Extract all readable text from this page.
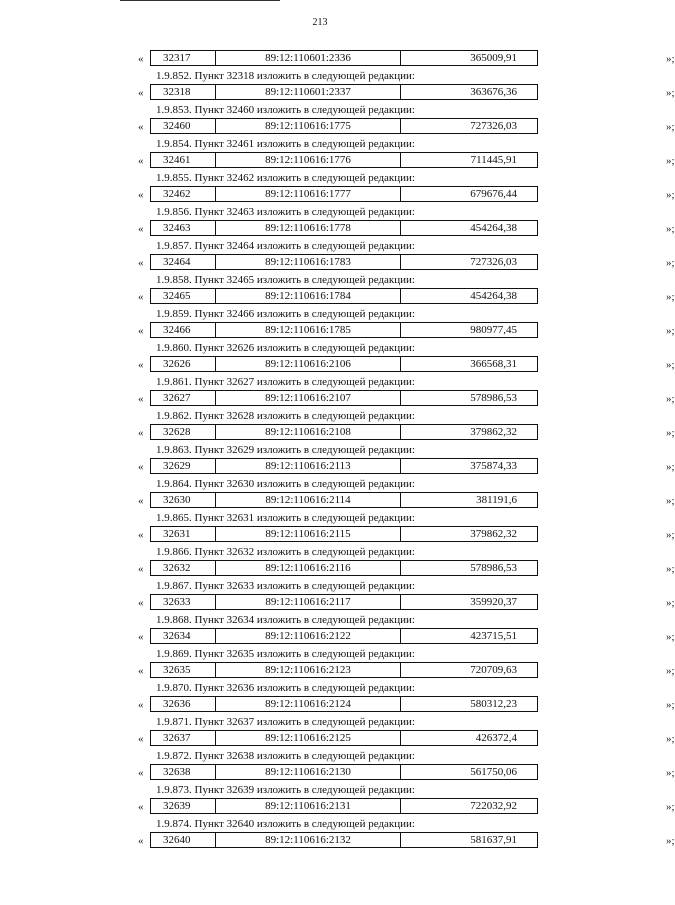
213
«	32317	89:12:110601:2336	365009,91	»;
1.9.852. Пункт 32318 изложить в следующей редакции:
«	32318	89:12:110601:2337	363676,36	»;
1.9.853. Пункт 32460 изложить в следующей редакции:
«	32460	89:12:110616:1775	727326,03	»;
1.9.854. Пункт 32461 изложить в следующей редакции:
«	32461	89:12:110616:1776	711445,91	»;
1.9.855. Пункт 32462 изложить в следующей редакции:
«	32462	89:12:110616:1777	679676,44	»;
1.9.856. Пункт 32463 изложить в следующей редакции:
«	32463	89:12:110616:1778	454264,38	»;
1.9.857. Пункт 32464 изложить в следующей редакции:
«	32464	89:12:110616:1783	727326,03	»;
1.9.858. Пункт 32465 изложить в следующей редакции:
«	32465	89:12:110616:1784	454264,38	»;
1.9.859. Пункт 32466 изложить в следующей редакции:
«	32466	89:12:110616:1785	980977,45	»;
1.9.860. Пункт 32626 изложить в следующей редакции:
«	32626	89:12:110616:2106	366568,31	»;
1.9.861. Пункт 32627 изложить в следующей редакции:
«	32627	89:12:110616:2107	578986,53	»;
1.9.862. Пункт 32628 изложить в следующей редакции:
«	32628	89:12:110616:2108	379862,32	»;
1.9.863. Пункт 32629 изложить в следующей редакции:
«	32629	89:12:110616:2113	375874,33	»;
1.9.864. Пункт 32630 изложить в следующей редакции:
«	32630	89:12:110616:2114	381191,6	»;
1.9.865. Пункт 32631 изложить в следующей редакции:
«	32631	89:12:110616:2115	379862,32	»;
1.9.866. Пункт 32632 изложить в следующей редакции:
«	32632	89:12:110616:2116	578986,53	»;
1.9.867. Пункт 32633 изложить в следующей редакции:
«	32633	89:12:110616:2117	359920,37	»;
1.9.868. Пункт 32634 изложить в следующей редакции:
«	32634	89:12:110616:2122	423715,51	»;
1.9.869. Пункт 32635 изложить в следующей редакции:
«	32635	89:12:110616:2123	720709,63	»;
1.9.870. Пункт 32636 изложить в следующей редакции:
«	32636	89:12:110616:2124	580312,23	»;
1.9.871. Пункт 32637 изложить в следующей редакции:
«	32637	89:12:110616:2125	426372,4	»;
1.9.872. Пункт 32638 изложить в следующей редакции:
«	32638	89:12:110616:2130	561750,06	»;
1.9.873. Пункт 32639 изложить в следующей редакции:
«	32639	89:12:110616:2131	722032,92	»;
1.9.874. Пункт 32640 изложить в следующей редакции:
«	32640	89:12:110616:2132	581637,91	»;
